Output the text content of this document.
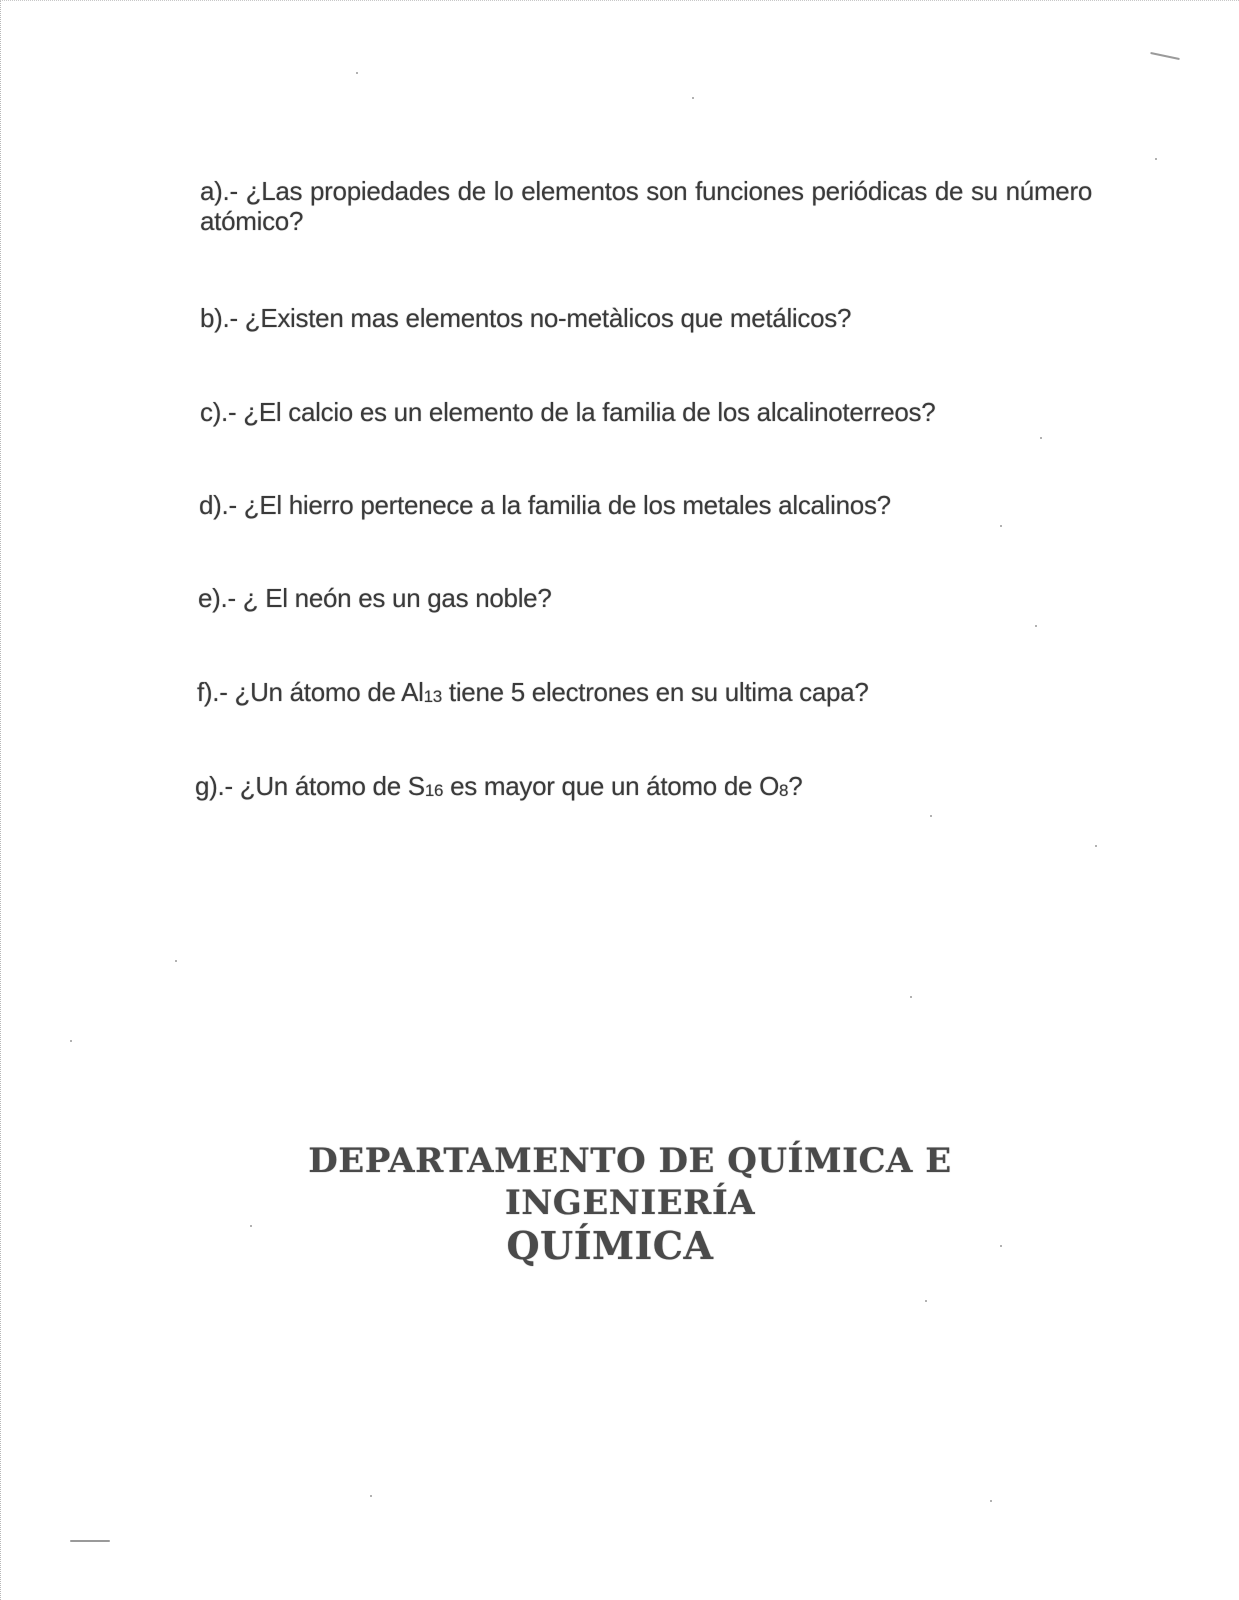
a).- ¿Las propiedades de lo elementos son funciones periódicas de su número atómico?
b).- ¿Existen mas elementos no-metàlicos que metálicos?
c).- ¿El calcio es un elemento de la familia de los alcalinoterreos?
d).- ¿El hierro pertenece a la familia de los metales alcalinos?
e).- ¿ El neón es un gas noble?
f).- ¿Un átomo de $Al_{13}$ tiene 5 electrones en su ultima capa?
g).- ¿Un átomo de $S_{16}$ es mayor que un átomo de $O_8$?
DEPARTAMENTO DE QUÍMICA E INGENIERÍA
QUÍMICA
